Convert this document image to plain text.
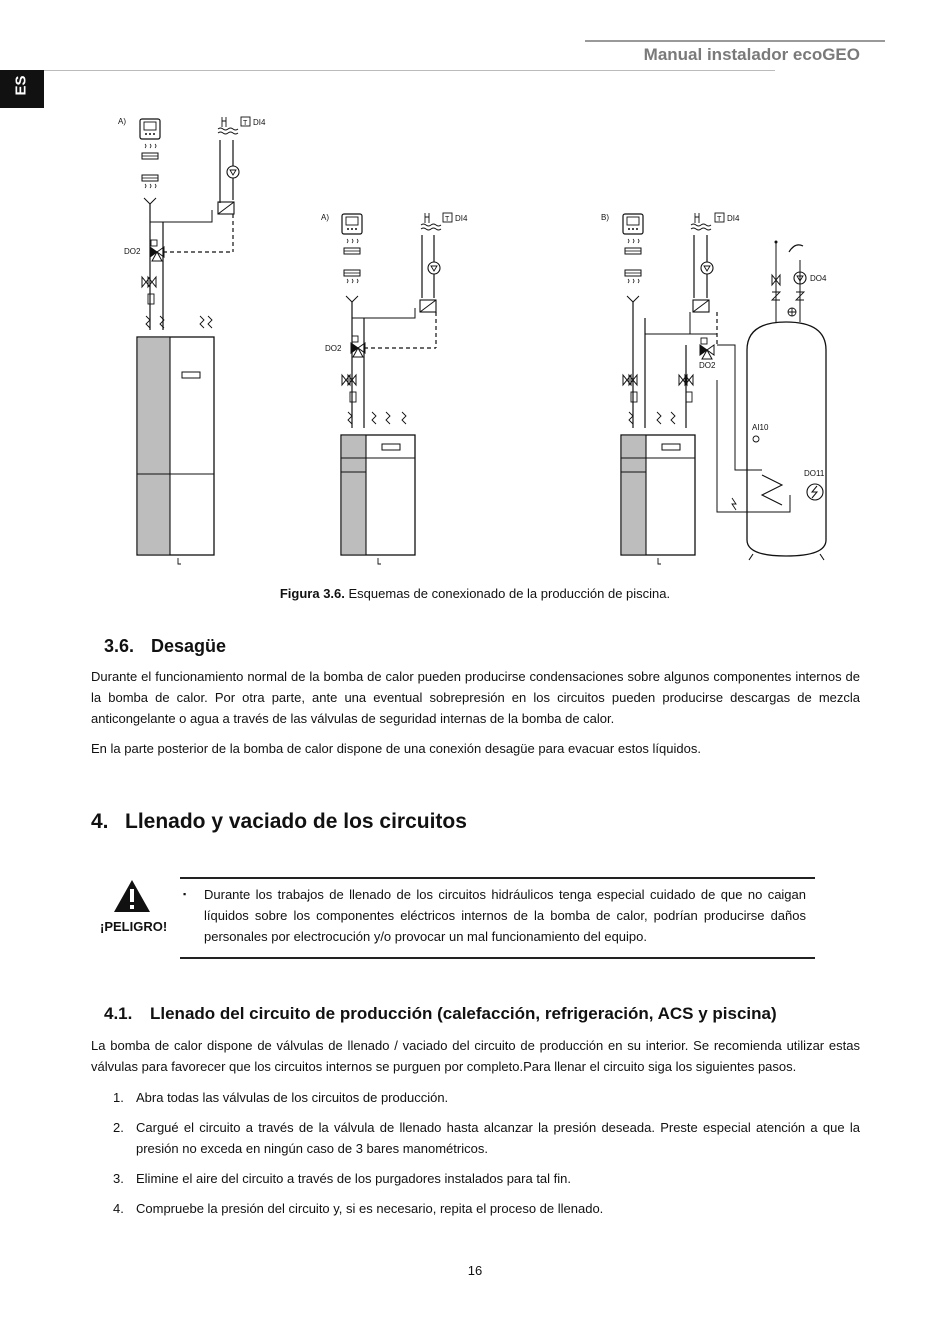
Manual instalador ecoGEO
ES
A)	T DI4
DO2
A)	T DI4
DO2
B)	T DI4
DO2
DO11
AI10
DO4
Figura 3.6. Esquemas de conexionado de la producción de piscina.
3.6. Desagüe
Durante el funcionamiento normal de la bomba de calor pueden producirse condensaciones sobre algunos componentes internos de la bomba de calor. Por otra parte, ante una eventual sobrepresión en los circuitos pueden producirse descargas de mezcla anticongelante o agua a través de las válvulas de seguridad internas de la bomba de calor.
En la parte posterior de la bomba de calor dispone de una conexión desagüe para evacuar estos líquidos.
4. Llenado y vaciado de los circuitos
¡PELIGRO!
▪ Durante los trabajos de llenado de los circuitos hidráulicos tenga especial cuidado de que no caigan líquidos sobre los componentes eléctricos internos de la bomba de calor, podrían producirse daños personales por electrocución y/o provocar un mal funcionamiento del equipo.
4.1. Llenado del circuito de producción (calefacción, refrigeración, ACS y piscina)
La bomba de calor dispone de válvulas de llenado / vaciado del circuito de producción en su interior. Se recomienda utilizar estas válvulas para favorecer que los circuitos internos se purguen por completo.Para llenar el circuito siga los siguientes pasos.
1. Abra todas las válvulas de los circuitos de producción.
2. Cargué el circuito a través de la válvula de llenado hasta alcanzar la presión deseada. Preste especial atención a que la presión no exceda en ningún caso de 3 bares manométricos.
3. Elimine el aire del circuito a través de los purgadores instalados para tal fin.
4. Compruebe la presión del circuito y, si es necesario, repita el proceso de llenado.
16
